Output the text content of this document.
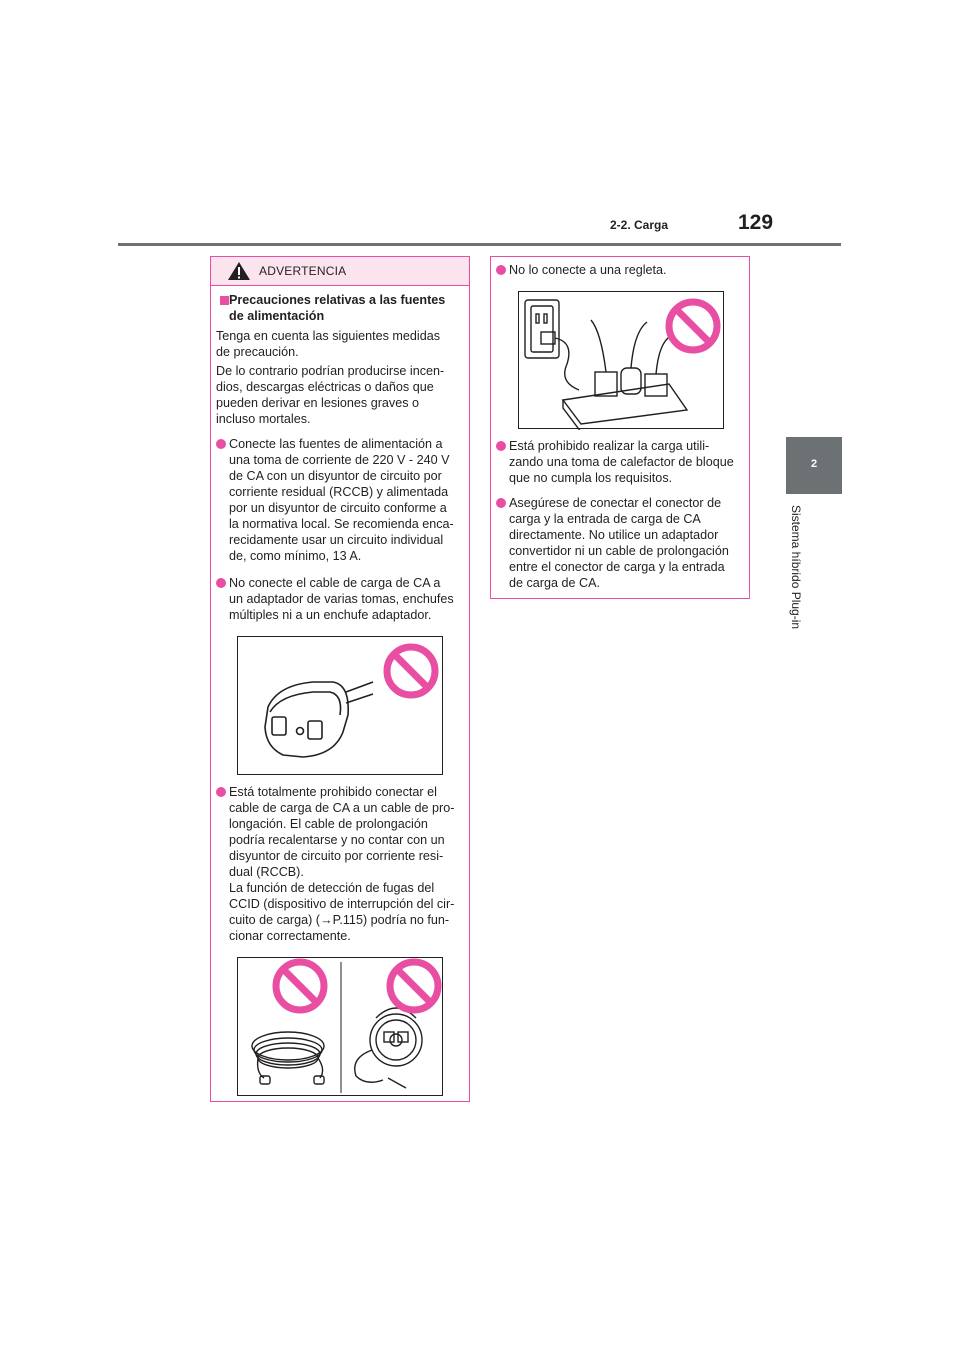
2-2. Carga	129
2
Sistema híbrido Plug-in
ADVERTENCIA
Precauciones relativas a las fuentes
de alimentación
Tenga en cuenta las siguientes medidas
de precaución.
De lo contrario podrían producirse incen-
dios, descargas eléctricas o daños que
pueden derivar en lesiones graves o
incluso mortales.
Conecte las fuentes de alimentación a
una toma de corriente de 220 V - 240 V
de CA con un disyuntor de circuito por
corriente residual (RCCB) y alimentada
por un disyuntor de circuito conforme a
la normativa local. Se recomienda enca-
recidamente usar un circuito individual
de, como mínimo, 13 A.
No conecte el cable de carga de CA a
un adaptador de varias tomas, enchufes
múltiples ni a un enchufe adaptador.
Está totalmente prohibido conectar el
cable de carga de CA a un cable de pro-
longación. El cable de prolongación
podría recalentarse y no contar con un
disyuntor de circuito por corriente resi-
dual (RCCB).
La función de detección de fugas del
CCID (dispositivo de interrupción del cir-
cuito de carga) (→P.115) podría no fun-
cionar correctamente.
No lo conecte a una regleta.
Está prohibido realizar la carga utili-
zando una toma de calefactor de bloque
que no cumpla los requisitos.
Asegúrese de conectar el conector de
carga y la entrada de carga de CA
directamente. No utilice un adaptador
convertidor ni un cable de prolongación
entre el conector de carga y la entrada
de carga de CA.
